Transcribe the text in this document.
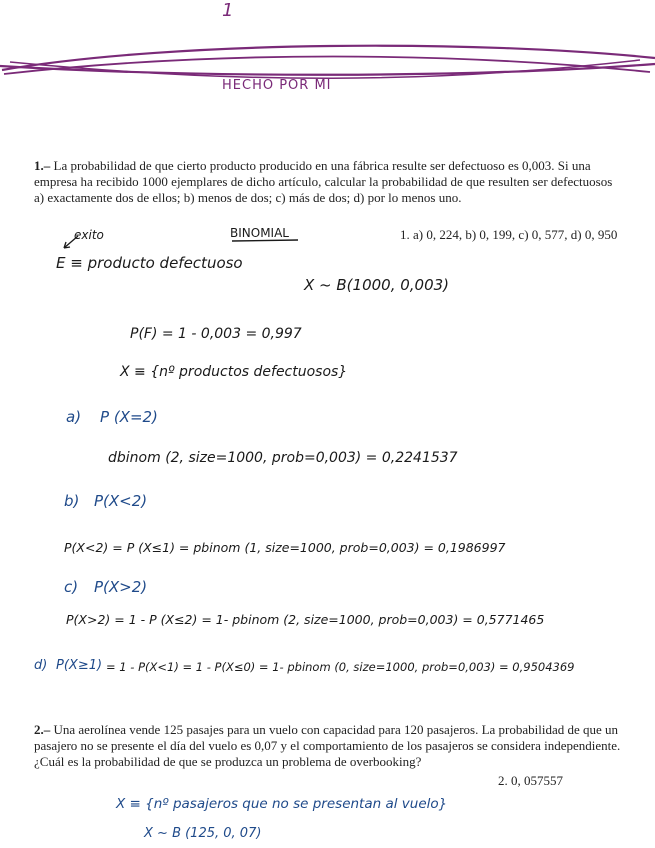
1
HECHO POR MI
1.– La probabilidad de que cierto producto producido en una fábrica resulte ser defectuoso es 0,003. Si una empresa ha recibido 1000 ejemplares de dicho artículo, calcular la probabilidad de que resulten ser defectuosos a) exactamente dos de ellos; b) menos de dos; c) más de dos; d) por lo menos uno.
exito	BINOMIAL	1. a) 0, 224, b) 0, 199, c) 0, 577, d) 0, 950
E ≡ producto defectuoso
X ~ B(1000, 0,003)
P(F) = 1 - 0,003 = 0,997
X ≡ {nº productos defectuosos}
a) P (X=2)
dbinom (2, size=1000, prob=0,003) = 0,2241537
b) P(X<2)
P(X<2) = P (X≤1) = pbinom (1, size=1000, prob=0,003) = 0,1986997
c) P(X>2)
P(X>2) = 1 - P (X≤2) = 1- pbinom (2, size=1000, prob=0,003) = 0,5771465
d) P(X≥1) = 1 - P(X<1) = 1 - P(X≤0) = 1- pbinom (0, size=1000, prob=0,003) = 0,9504369
2.– Una aerolínea vende 125 pasajes para un vuelo con capacidad para 120 pasajeros. La probabilidad de que un pasajero no se presente el día del vuelo es 0,07 y el comportamiento de los pasajeros se considera independiente. ¿Cuál es la probabilidad de que se produzca un problema de overbooking?
2. 0, 057557
X ≡ {nº pasajeros que no se presentan al vuelo}
X ~ B (125, 0, 07)
